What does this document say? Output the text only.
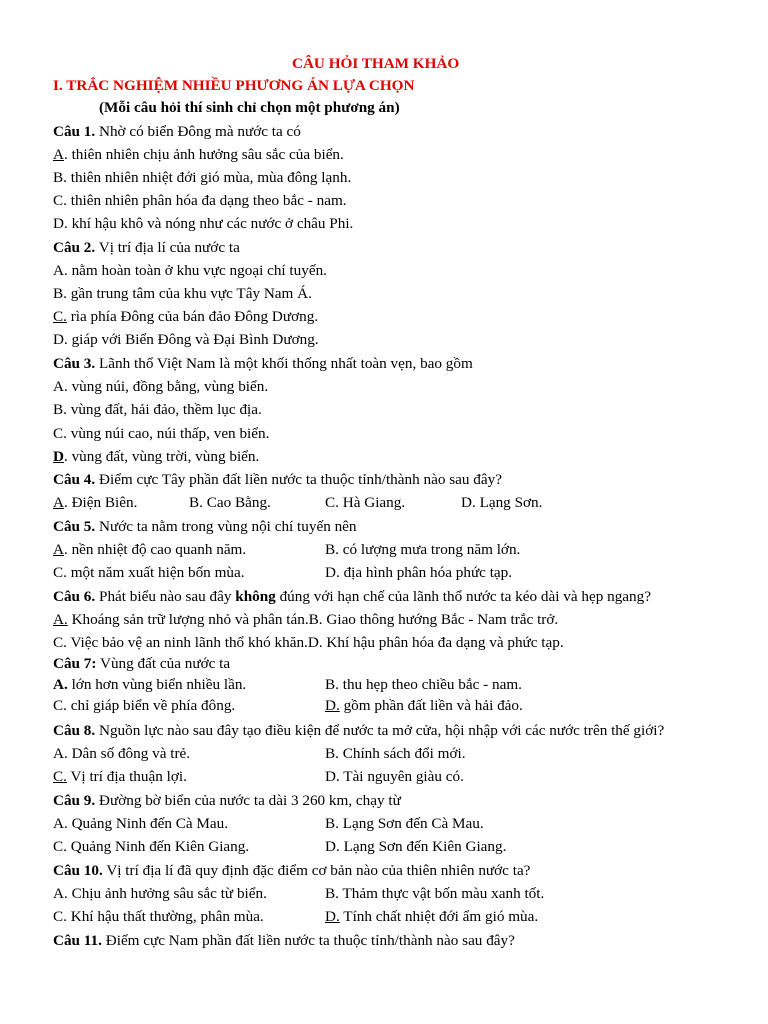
CÂU HỎI THAM KHẢO
I. TRẮC NGHIỆM NHIỀU PHƯƠNG ÁN LỰA CHỌN
(Mỗi câu hỏi thí sinh chỉ chọn một phương án)
Câu 1. Nhờ có biển Đông mà nước ta có
A. thiên nhiên chịu ảnh hưởng sâu sắc của biển.
B. thiên nhiên nhiệt đới gió mùa, mùa đông lạnh.
C. thiên nhiên phân hóa đa dạng theo bắc - nam.
D. khí hậu khô và nóng như các nước ở châu Phi.
Câu 2. Vị trí địa lí của nước ta
A. nằm hoàn toàn ở khu vực ngoại chí tuyến.
B. gần trung tâm của khu vực Tây Nam Á.
C. rìa phía Đông của bán đảo Đông Dương.
D. giáp với Biển Đông và Đại Bình Dương.
Câu 3. Lãnh thổ Việt Nam là một khối thống nhất toàn vẹn, bao gồm
A. vùng núi, đồng bằng, vùng biển.
B. vùng đất, hải đảo, thềm lục địa.
C. vùng núi cao, núi thấp, ven biển.
D. vùng đất, vùng trời, vùng biển.
Câu 4. Điểm cực Tây phần đất liền nước ta thuộc tỉnh/thành nào sau đây?
A. Điện Biên.	B. Cao Bằng.	C. Hà Giang.	D. Lạng Sơn.
Câu 5. Nước ta nằm trong vùng nội chí tuyến nên
A. nền nhiệt độ cao quanh năm.	B. có lượng mưa trong năm lớn.
C. một năm xuất hiện bốn mùa.	D. địa hình phân hóa phức tạp.
Câu 6. Phát biểu nào sau đây không đúng với hạn chế của lãnh thổ nước ta kéo dài và hẹp ngang?
A. Khoáng sản trữ lượng nhỏ và phân tán.B. Giao thông hướng Bắc - Nam trắc trở.
C. Việc bảo vệ an ninh lãnh thổ khó khăn.D. Khí hậu phân hóa đa dạng và phức tạp.
Câu 7: Vùng đất của nước ta
A. lớn hơn vùng biển nhiều lần.	B. thu hẹp theo chiều bắc - nam.
C. chỉ giáp biển về phía đông.	D. gồm phần đất liền và hải đảo.
Câu 8. Nguồn lực nào sau đây tạo điều kiện để nước ta mở cửa, hội nhập với các nước trên thế giới?
A. Dân số đông và trẻ.	B. Chính sách đổi mới.
C. Vị trí địa thuận lợi.	D. Tài nguyên giàu có.
Câu 9. Đường bờ biển của nước ta dài 3 260 km, chạy từ
A. Quảng Ninh đến Cà Mau.	B. Lạng Sơn đến Cà Mau.
C. Quảng Ninh đến Kiên Giang.	D. Lạng Sơn đến Kiên Giang.
Câu 10. Vị trí địa lí đã quy định đặc điểm cơ bản nào của thiên nhiên nước ta?
A. Chịu ảnh hưởng sâu sắc từ biển.	B. Thảm thực vật bốn màu xanh tốt.
C. Khí hậu thất thường, phân mùa.	D. Tính chất nhiệt đới ẩm gió mùa.
Câu 11. Điểm cực Nam phần đất liền nước ta thuộc tỉnh/thành nào sau đây?
